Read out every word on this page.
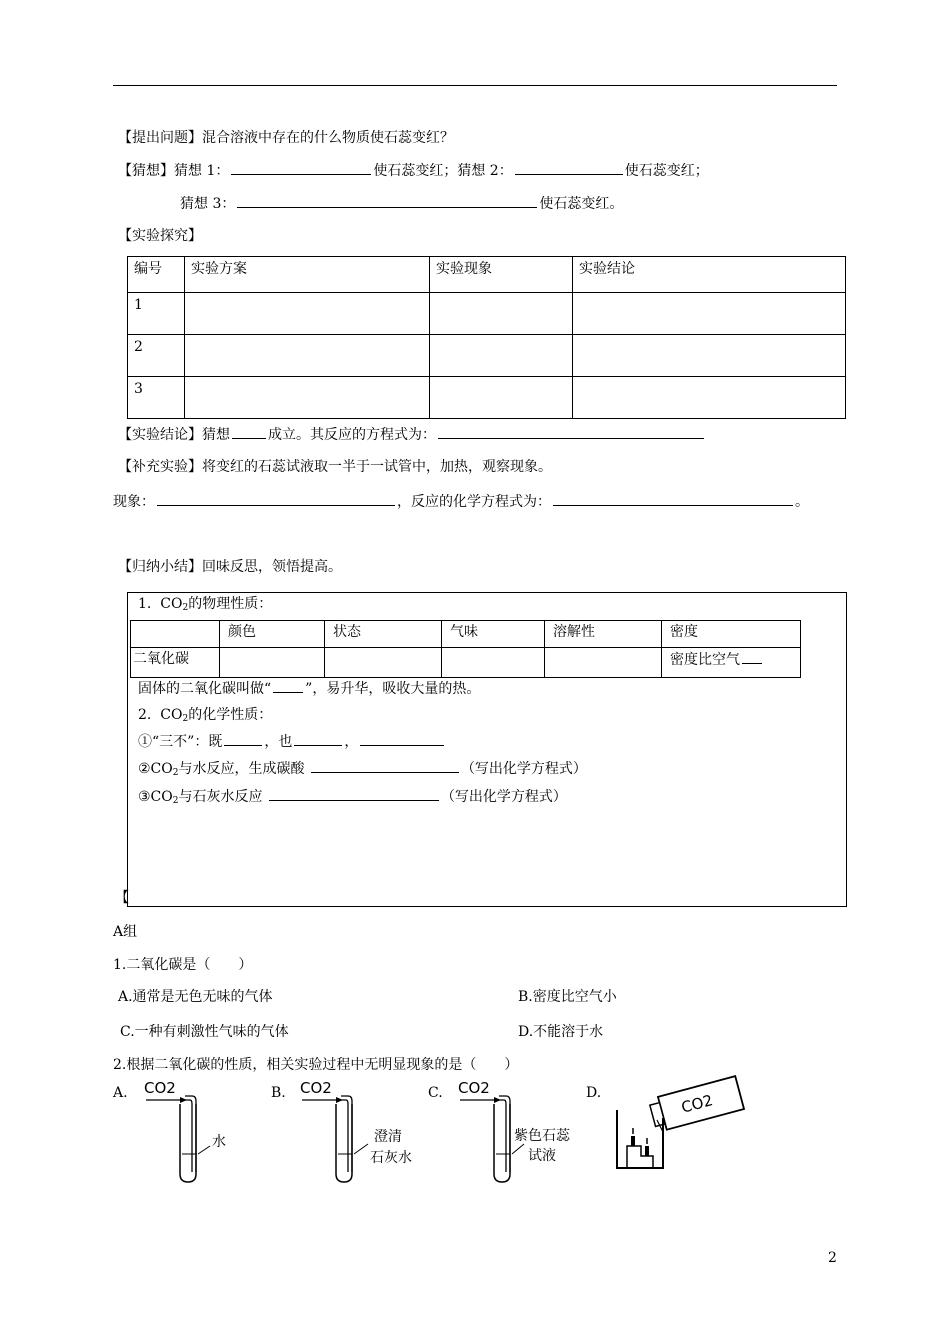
【提出问题】混合溶液中存在的什么物质使石蕊变红？
【猜想】猜想 1：	使石蕊变红；猜想 2：	使石蕊变红；
猜想 3：	使石蕊变红。
【实验探究】
编号	实验方案	实验现象	实验结论
1			
2			
3			
【实验结论】猜想	成立。其反应的方程式为：
【补充实验】将变红的石蕊试液取一半于一试管中，加热，观察现象。
现象：	，反应的化学方程式为：	。
【归纳小结】回味反思，领悟提高。
1. $CO_2$的物理性质：
	颜色	状态	气味	溶解性	密度
二氧化碳					密度比空气
固体的二氧化碳叫做“ ”，易升华，吸收大量的热。
2. $CO_2$的化学性质：
①“三不”：既	，也	，
$②CO_2$与水反应，生成碳酸	（写出化学方程式）
$③CO_2$与石灰水反应	（写出化学方程式）
【
A组
1.二氧化碳是（　　）
A.通常是无色无味的气体	B.密度比空气小
C.一种有刺激性气味的气体	D.不能溶于水
2.根据二氧化碳的性质，相关实验过程中无明显现象的是（　　）
A.	B.	C.	D.
CO2
水
CO2
澄清
石灰水
CO2
紫色石蕊
试液
CO2
2
